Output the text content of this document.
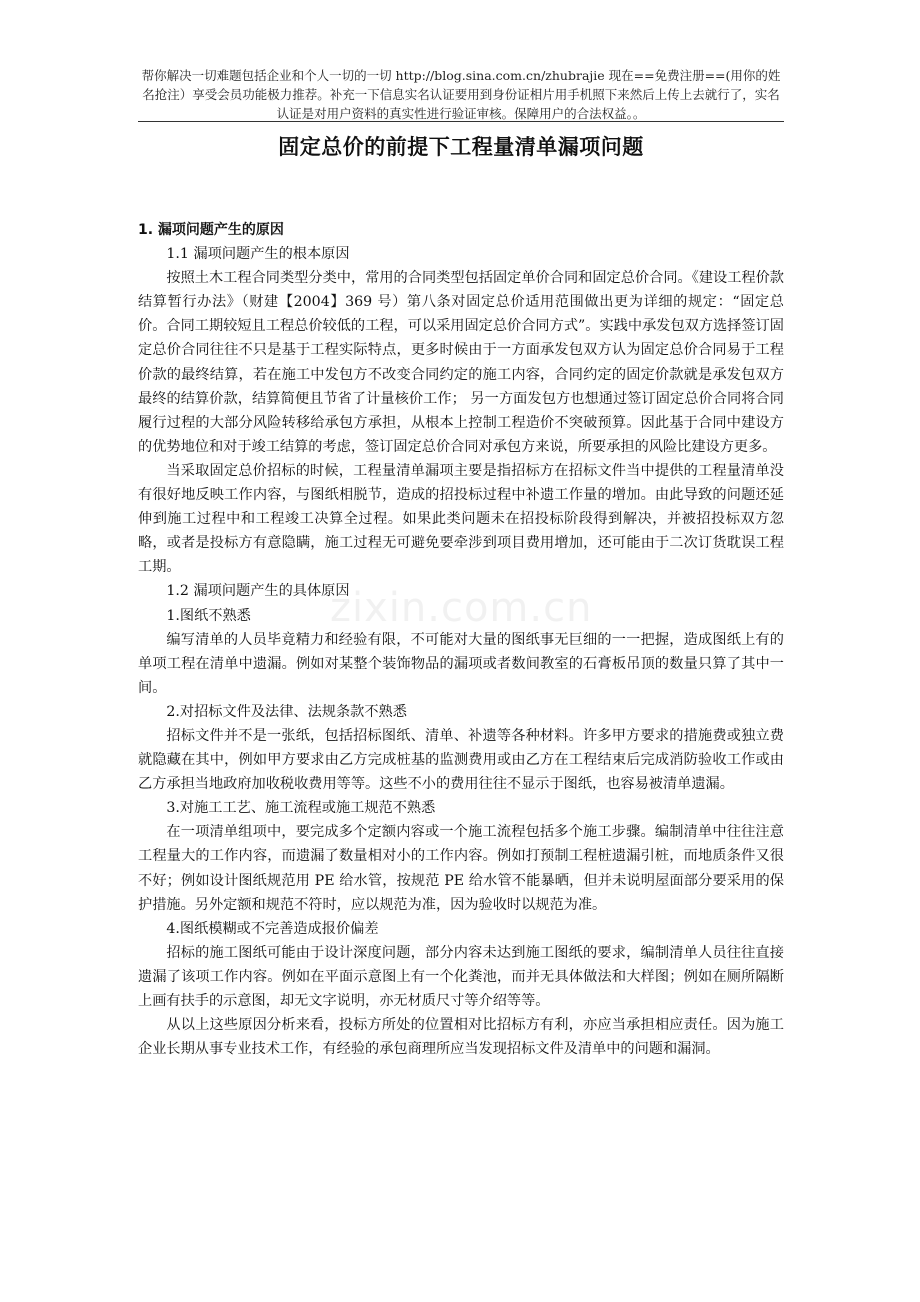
帮你解决一切难题包括企业和个人一切的一切 http://blog.sina.com.cn/zhubrajie 现在==免费注册==(用你的姓名抢注）享受会员功能极力推荐。补充一下信息实名认证要用到身份证相片用手机照下来然后上传上去就行了，实名认证是对用户资料的真实性进行验证审核。保障用户的合法权益。。
固定总价的前提下工程量清单漏项问题
zixin.com.cn

1. 漏项问题产生的原因

1.1 漏项问题产生的根本原因

按照土木工程合同类型分类中，常用的合同类型包括固定单价合同和固定总价合同。《建设工程价款结算暂行办法》（财建【2004】369 号）第八条对固定总价适用范围做出更为详细的规定：“固定总价。合同工期较短且工程总价较低的工程，可以采用固定总价合同方式”。实践中承发包双方选择签订固定总价合同往往不只是基于工程实际特点，更多时候由于一方面承发包双方认为固定总价合同易于工程价款的最终结算，若在施工中发包方不改变合同约定的施工内容，合同约定的固定价款就是承发包双方最终的结算价款，结算简便且节省了计量核价工作； 另一方面发包方也想通过签订固定总价合同将合同履行过程的大部分风险转移给承包方承担，从根本上控制工程造价不突破预算。因此基于合同中建设方的优势地位和对于竣工结算的考虑，签订固定总价合同对承包方来说，所要承担的风险比建设方更多。

当采取固定总价招标的时候，工程量清单漏项主要是指招标方在招标文件当中提供的工程量清单没有很好地反映工作内容，与图纸相脱节，造成的招投标过程中补遗工作量的增加。由此导致的问题还延伸到施工过程中和工程竣工决算全过程。如果此类问题未在招投标阶段得到解决，并被招投标双方忽略，或者是投标方有意隐瞒，施工过程无可避免要牵涉到项目费用增加，还可能由于二次订货耽误工程工期。

1.2 漏项问题产生的具体原因

1.图纸不熟悉

编写清单的人员毕竟精力和经验有限，不可能对大量的图纸事无巨细的一一把握，造成图纸上有的单项工程在清单中遗漏。例如对某整个装饰物品的漏项或者数间教室的石膏板吊顶的数量只算了其中一间。

2.对招标文件及法律、法规条款不熟悉

招标文件并不是一张纸，包括招标图纸、清单、补遗等各种材料。许多甲方要求的措施费或独立费就隐藏在其中，例如甲方要求由乙方完成桩基的监测费用或由乙方在工程结束后完成消防验收工作或由乙方承担当地政府加收税收费用等等。这些不小的费用往往不显示于图纸，也容易被清单遗漏。

3.对施工工艺、施工流程或施工规范不熟悉

在一项清单组项中，要完成多个定额内容或一个施工流程包括多个施工步骤。编制清单中往往注意工程量大的工作内容，而遗漏了数量相对小的工作内容。例如打预制工程桩遗漏引桩，而地质条件又很不好；例如设计图纸规范用 PE 给水管，按规范 PE 给水管不能暴晒，但并未说明屋面部分要采用的保护措施。另外定额和规范不符时，应以规范为准，因为验收时以规范为准。

4.图纸模糊或不完善造成报价偏差

招标的施工图纸可能由于设计深度问题，部分内容未达到施工图纸的要求，编制清单人员往往直接遗漏了该项工作内容。例如在平面示意图上有一个化粪池，而并无具体做法和大样图；例如在厕所隔断上画有扶手的示意图，却无文字说明，亦无材质尺寸等介绍等等。

从以上这些原因分析来看，投标方所处的位置相对比招标方有利，亦应当承担相应责任。因为施工企业长期从事专业技术工作，有经验的承包商理所应当发现招标文件及清单中的问题和漏洞。
